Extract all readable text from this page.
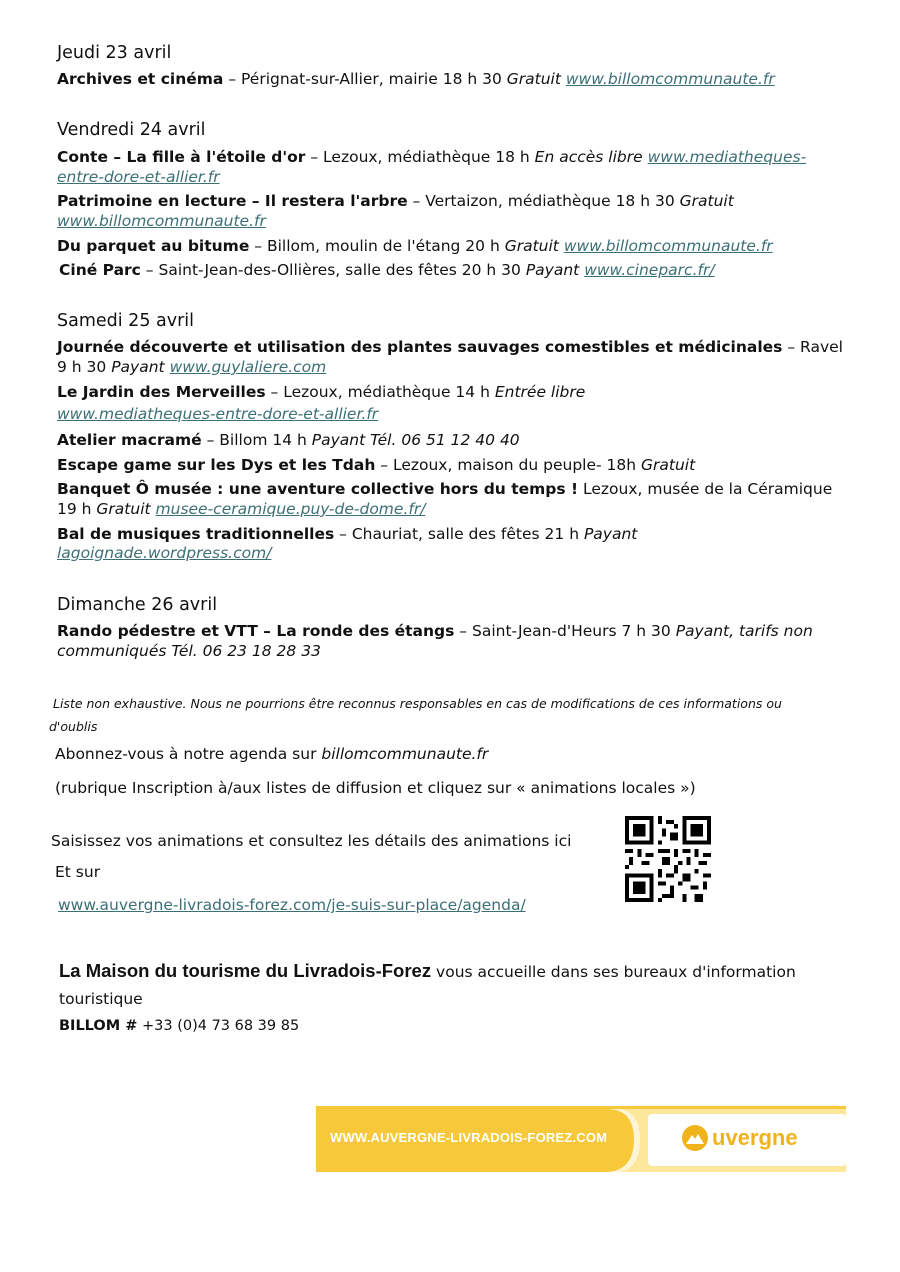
Jeudi 23 avril

Archives et cinéma – Pérignat-sur-Allier, mairie 18 h 30 Gratuit www.billomcommunaute.fr

Vendredi 24 avril

Conte – La fille à l'étoile d'or – Lezoux, médiathèque 18 h En accès libre www.mediatheques-entre-dore-et-allier.fr

Patrimoine en lecture – Il restera l'arbre – Vertaizon, médiathèque 18 h 30 Gratuit www.billomcommunaute.fr

Du parquet au bitume – Billom, moulin de l'étang 20 h Gratuit www.billomcommunaute.fr

Ciné Parc – Saint-Jean-des-Ollières, salle des fêtes 20 h 30 Payant www.cineparc.fr/

Samedi 25 avril

Journée découverte et utilisation des plantes sauvages comestibles et médicinales – Ravel 9 h 30 Payant www.guylaliere.com

Le Jardin des Merveilles – Lezoux, médiathèque 14 h Entrée libre

www.mediatheques-entre-dore-et-allier.fr

Atelier macramé – Billom 14 h Payant Tél. 06 51 12 40 40

Escape game sur les Dys et les Tdah – Lezoux, maison du peuple- 18h Gratuit

Banquet Ô musée : une aventure collective hors du temps ! Lezoux, musée de la Céramique 19 h Gratuit musee-ceramique.puy-de-dome.fr/

Bal de musiques traditionnelles – Chauriat, salle des fêtes 21 h Payant

lagoignade.wordpress.com/
Dimanche 26 avril

Rando pédestre et VTT – La ronde des étangs – Saint-Jean-d'Heurs 7 h 30 Payant, tarifs non communiqués Tél. 06 23 18 28 33

Liste non exhaustive. Nous ne pourrions être reconnus responsables en cas de modifications de ces informations ou

d'oublis

Abonnez-vous à notre agenda sur billomcommunaute.fr

(rubrique Inscription à/aux listes de diffusion et cliquez sur « animations locales »)

Saisissez vos animations et consultez les détails des animations ici

Et sur

www.auvergne-livradois-forez.com/je-suis-sur-place/agenda/

La Maison du tourisme du Livradois-Forez vous accueille dans ses bureaux d'information touristique

BILLOM # +33 (0)4 73 68 39 85

WWW.AUVERGNE-LIVRADOIS-FOREZ.COM	uvergne
